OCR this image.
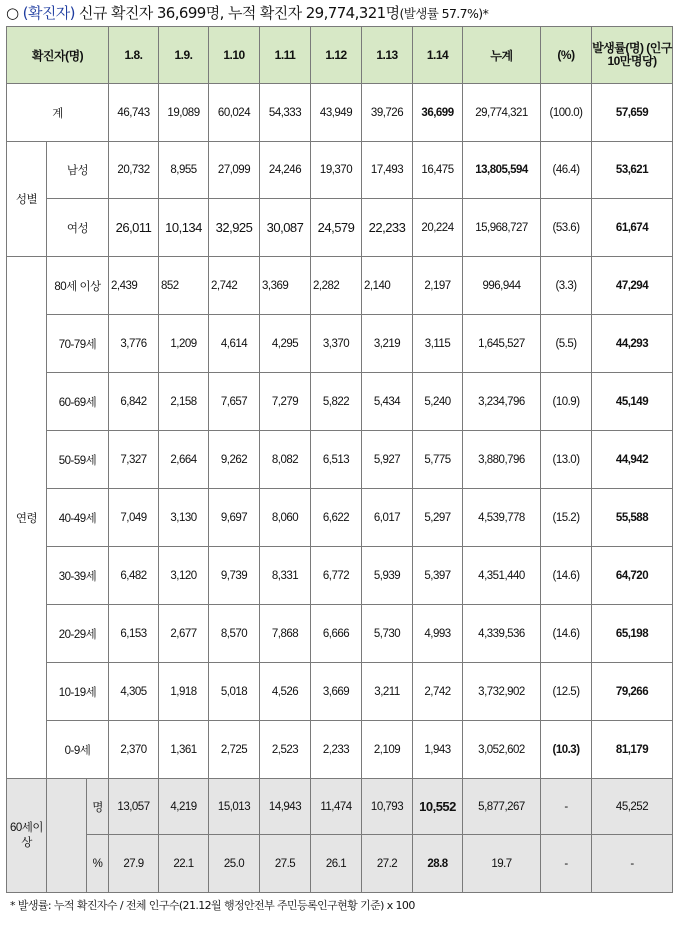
○ (확진자) 신규 확진자 36,699명, 누적 확진자 29,774,321명(발생률 57.7%)*
확진자(명)			1.8.	1.9.	1.10	1.11	1.12	1.13	1.14	누계	(%)	발생률(명) (인구 10만명당)
계			46,743	19,089	60,024	54,333	43,949	39,726	36,699	29,774,321	(100.0)	57,659
성별	남성		20,732	8,955	27,099	24,246	19,370	17,493	16,475	13,805,594	(46.4)	53,621
	여성		26,011	10,134	32,925	30,087	24,579	22,233	20,224	15,968,727	(53.6)	61,674
연령	80세 이상		2,439	852	2,742	3,369	2,282	2,140	2,197	996,944	(3.3)	47,294
	70-79세		3,776	1,209	4,614	4,295	3,370	3,219	3,115	1,645,527	(5.5)	44,293
	60-69세		6,842	2,158	7,657	7,279	5,822	5,434	5,240	3,234,796	(10.9)	45,149
	50-59세		7,327	2,664	9,262	8,082	6,513	5,927	5,775	3,880,796	(13.0)	44,942
	40-49세		7,049	3,130	9,697	8,060	6,622	6,017	5,297	4,539,778	(15.2)	55,588
	30-39세		6,482	3,120	9,739	8,331	6,772	5,939	5,397	4,351,440	(14.6)	64,720
	20-29세		6,153	2,677	8,570	7,868	6,666	5,730	4,993	4,339,536	(14.6)	65,198
	10-19세		4,305	1,918	5,018	4,526	3,669	3,211	2,742	3,732,902	(12.5)	79,266
	0-9세		2,370	1,361	2,725	2,523	2,233	2,109	1,943	3,052,602	(10.3)	81,179
60세이상		명	13,057	4,219	15,013	14,943	11,474	10,793	10,552	5,877,267	-	45,252
		%	27.9	22.1	25.0	27.5	26.1	27.2	28.8	19.7	-	-
* 발생률: 누적 확진자수 / 전체 인구수(21.12월 행정안전부 주민등록인구현황 기준) x 100
